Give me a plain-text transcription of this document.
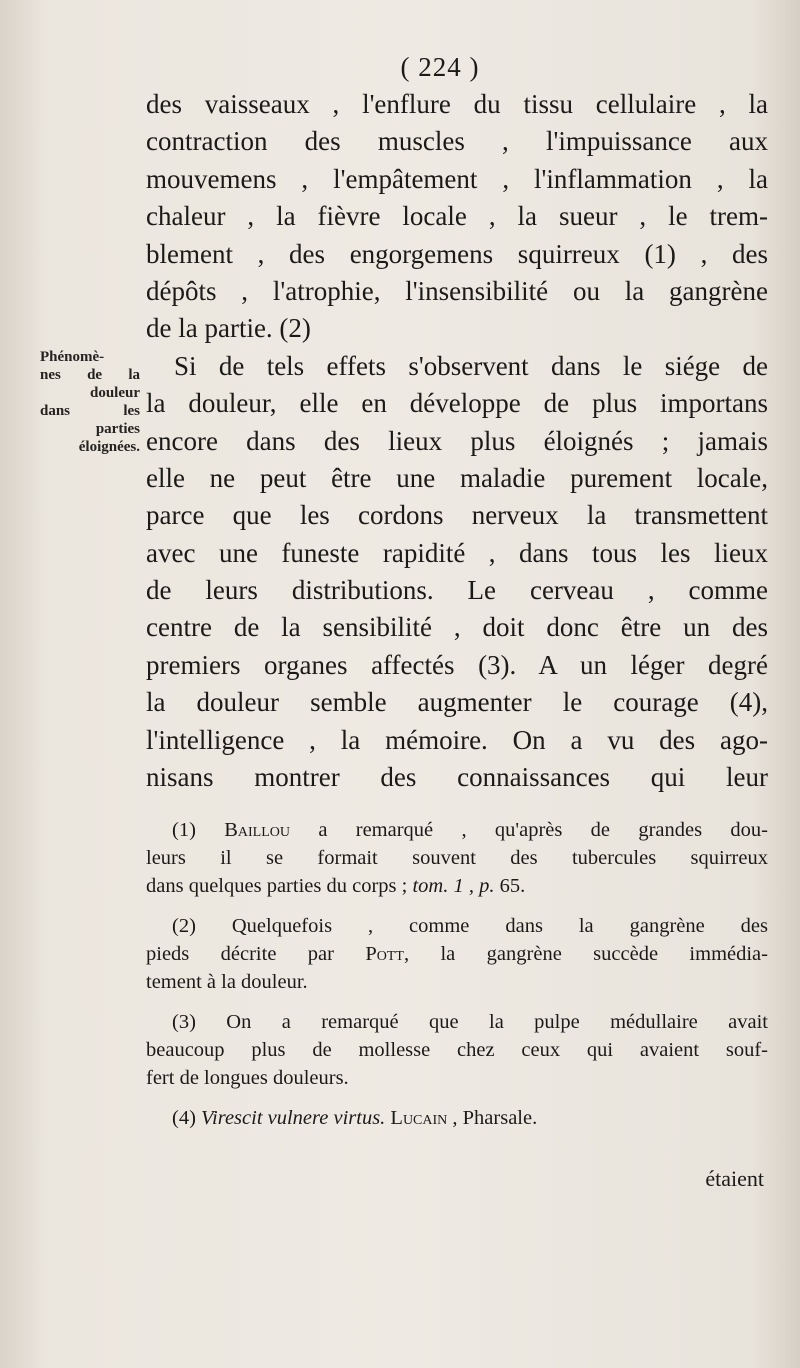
( 224 )
Phénomè-
nes de la
douleur
dans les
parties
éloignées.
des vaisseaux , l'enflure du tissu cellulaire , la
contraction des muscles , l'impuissance aux
mouvemens , l'empâtement , l'inflammation , la
chaleur , la fièvre locale , la sueur , le trem-
blement , des engorgemens squirreux (1) , des
dépôts , l'atrophie, l'insensibilité ou la gangrène
de la partie. (2)
Si de tels effets s'observent dans le siége de
la douleur, elle en développe de plus importans
encore dans des lieux plus éloignés ; jamais
elle ne peut être une maladie purement locale,
parce que les cordons nerveux la transmettent
avec une funeste rapidité , dans tous les lieux
de leurs distributions. Le cerveau , comme
centre de la sensibilité , doit donc être un des
premiers organes affectés (3). A un léger degré
la douleur semble augmenter le courage (4),
l'intelligence , la mémoire. On a vu des ago-
nisans montrer des connaissances qui leur
(1) Baillou a remarqué , qu'après de grandes dou-
leurs il se formait souvent des tubercules squirreux
dans quelques parties du corps ; tom. 1 , p. 65.
(2) Quelquefois , comme dans la gangrène des
pieds décrite par Pott, la gangrène succède immédia-
tement à la douleur.
(3) On a remarqué que la pulpe médullaire avait
beaucoup plus de mollesse chez ceux qui avaient souf-
fert de longues douleurs.
(4) Virescit vulnere virtus. Lucain , Pharsale.
étaient
